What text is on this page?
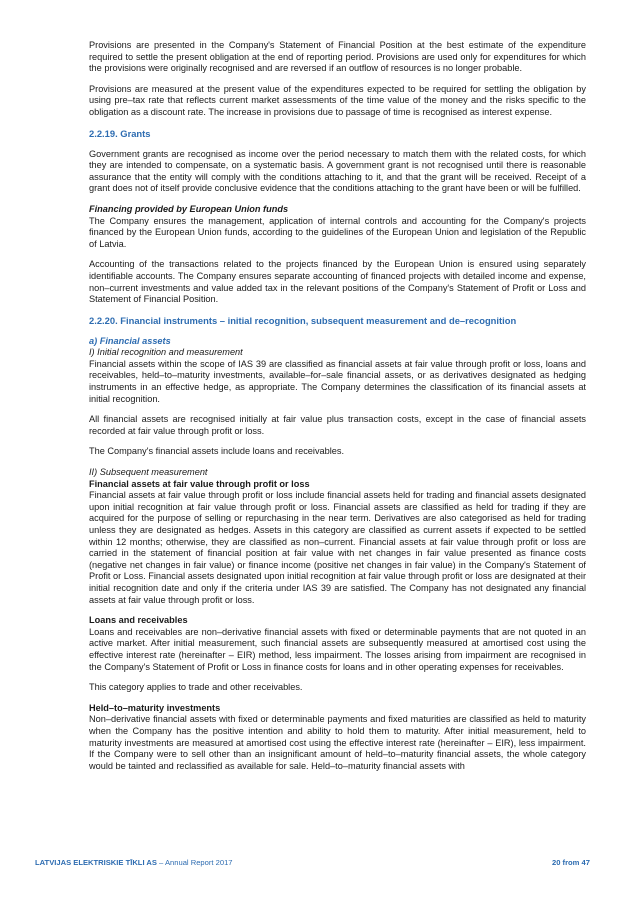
Provisions are presented in the Company's Statement of Financial Position at the best estimate of the expenditure required to settle the present obligation at the end of reporting period. Provisions are used only for expenditures for which the provisions were originally recognised and are reversed if an outflow of resources is no longer probable.

Provisions are measured at the present value of the expenditures expected to be required for settling the obligation by using pre–tax rate that reflects current market assessments of the time value of the money and the risks specific to the obligation as a discount rate. The increase in provisions due to passage of time is recognised as interest expense.

2.2.19. Grants

Government grants are recognised as income over the period necessary to match them with the related costs, for which they are intended to compensate, on a systematic basis. A government grant is not recognised until there is reasonable assurance that the entity will comply with the conditions attaching to it, and that the grant will be received. Receipt of a grant does not of itself provide conclusive evidence that the conditions attaching to the grant have been or will be fulfilled.

Financing provided by European Union funds

The Company ensures the management, application of internal controls and accounting for the Company's projects financed by the European Union funds, according to the guidelines of the European Union and legislation of the Republic of Latvia.

Accounting of the transactions related to the projects financed by the European Union is ensured using separately identifiable accounts. The Company ensures separate accounting of financed projects with detailed income and expense, non–current investments and value added tax in the relevant positions of the Company's Statement of Profit or Loss and Statement of Financial Position.

2.2.20. Financial instruments – initial recognition, subsequent measurement and de–recognition
a) Financial assets
I) Initial recognition and measurement

Financial assets within the scope of IAS 39 are classified as financial assets at fair value through profit or loss, loans and receivables, held–to–maturity investments, available–for–sale financial assets, or as derivatives designated as hedging instruments in an effective hedge, as appropriate. The Company determines the classification of its financial assets at initial recognition.

All financial assets are recognised initially at fair value plus transaction costs, except in the case of financial assets recorded at fair value through profit or loss.

The Company's financial assets include loans and receivables.

II) Subsequent measurement
Financial assets at fair value through profit or loss

Financial assets at fair value through profit or loss include financial assets held for trading and financial assets designated upon initial recognition at fair value through profit or loss. Financial assets are classified as held for trading if they are acquired for the purpose of selling or repurchasing in the near term. Derivatives are also categorised as held for trading unless they are designated as hedges. Assets in this category are classified as current assets if expected to be settled within 12 months; otherwise, they are classified as non–current. Financial assets at fair value through profit or loss are carried in the statement of financial position at fair value with net changes in fair value presented as finance costs (negative net changes in fair value) or finance income (positive net changes in fair value) in the Company's Statement of Profit or Loss. Financial assets designated upon initial recognition at fair value through profit or loss are designated at their initial recognition date and only if the criteria under IAS 39 are satisfied. The Company has not designated any financial assets at fair value through profit or loss.

Loans and receivables

Loans and receivables are non–derivative financial assets with fixed or determinable payments that are not quoted in an active market. After initial measurement, such financial assets are subsequently measured at amortised cost using the effective interest rate (hereinafter – EIR) method, less impairment. The losses arising from impairment are recognised in the Company's Statement of Profit or Loss in finance costs for loans and in other operating expenses for receivables.

This category applies to trade and other receivables.

Held–to–maturity investments

Non–derivative financial assets with fixed or determinable payments and fixed maturities are classified as held to maturity when the Company has the positive intention and ability to hold them to maturity. After initial measurement, held to maturity investments are measured at amortised cost using the effective interest rate (hereinafter – EIR), less impairment. If the Company were to sell other than an insignificant amount of held–to–maturity financial assets, the whole category would be tainted and reclassified as available for sale. Held–to–maturity financial assets with

LATVIJAS ELEKTRISKIE TĪKLI AS – Annual Report 2017	20 from 47
